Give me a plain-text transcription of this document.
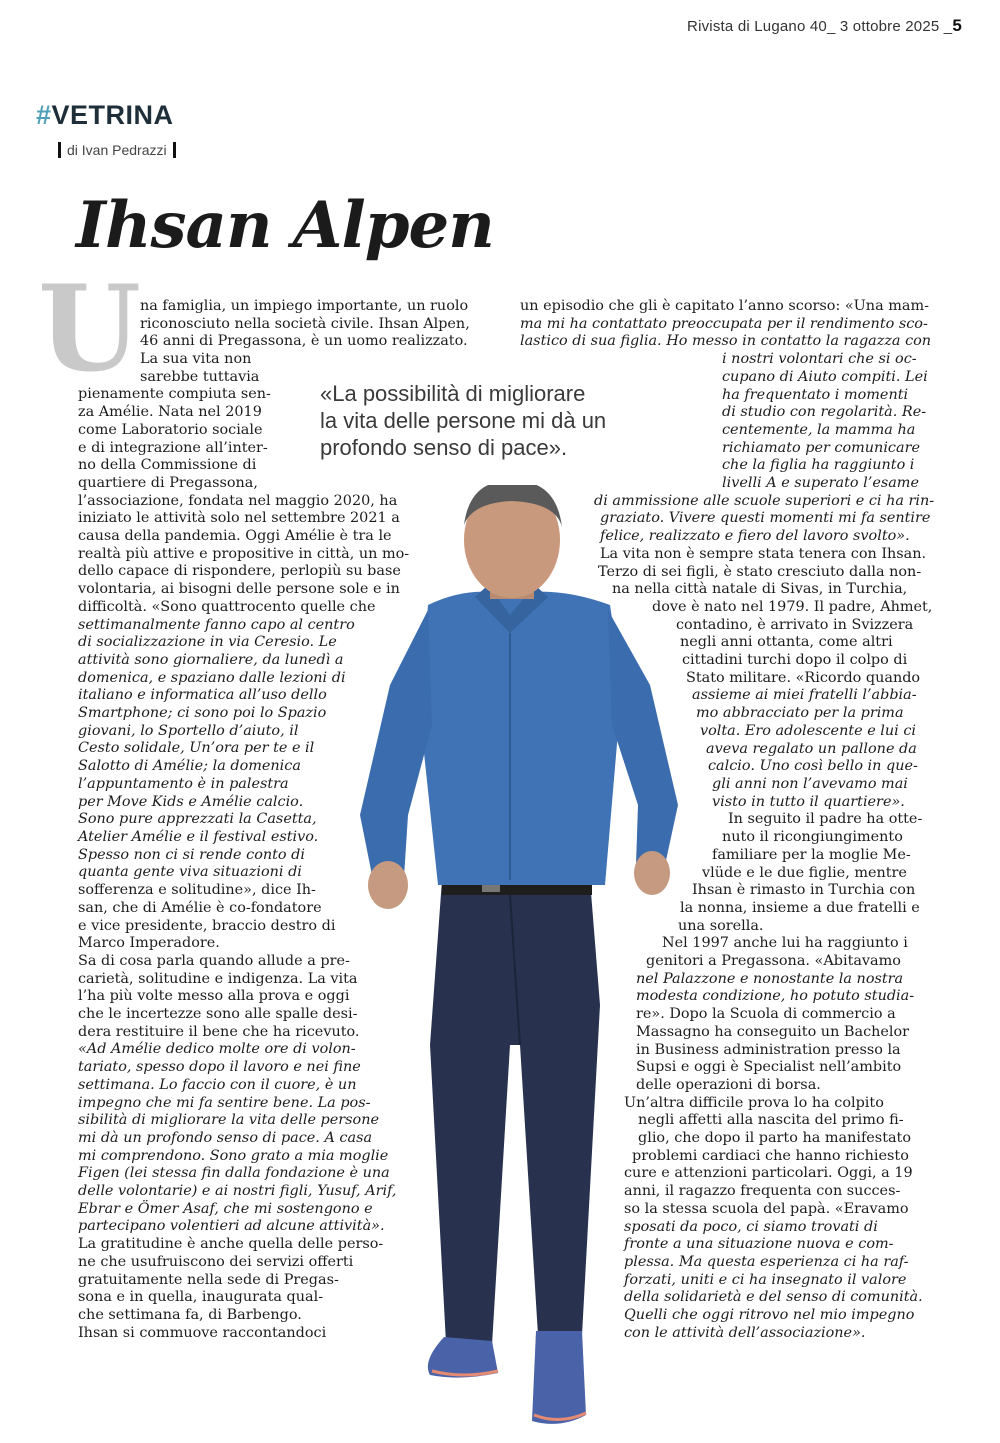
Rivista di Lugano 40_ 3 ottobre 2025 _5
#VETRINA
di Ivan Pedrazzi
Ihsan Alpen
U na famiglia, un impiego importante, un ruolo

riconosciuto nella società civile. Ihsan Alpen,

46 anni di Pregassona, è un uomo realizzato.

La sua vita non

sarebbe tuttavia

pienamente compiuta sen-

za Amélie. Nata nel 2019

come Laboratorio sociale

e di integrazione all’inter-

no della Commissione di

quartiere di Pregassona,

l’associazione, fondata nel maggio 2020, ha

iniziato le attività solo nel settembre 2021 a

causa della pandemia. Oggi Amélie è tra le

realtà più attive e propositive in città, un mo-

dello capace di rispondere, perlopiù su base

volontaria, ai bisogni delle persone sole e in

difficoltà. «Sono quattrocento quelle che

settimanalmente fanno capo al centro

di socializzazione in via Ceresio. Le

attività sono giornaliere, da lunedì a

domenica, e spaziano dalle lezioni di

italiano e informatica all’uso dello

Smartphone; ci sono poi lo Spazio

giovani, lo Sportello d’aiuto, il

Cesto solidale, Un’ora per te e il

Salotto di Amélie; la domenica

l’appuntamento è in palestra

per Move Kids e Amélie calcio.

Sono pure apprezzati la Casetta,

Atelier Amélie e il festival estivo.

Spesso non ci si rende conto di

quanta gente viva situazioni di

sofferenza e solitudine», dice Ih-

san, che di Amélie è co-fondatore

e vice presidente, braccio destro di

Marco Imperadore.

Sa di cosa parla quando allude a pre-

carietà, solitudine e indigenza. La vita

l’ha più volte messo alla prova e oggi

che le incertezze sono alle spalle desi-

dera restituire il bene che ha ricevuto.

«Ad Amélie dedico molte ore di volon-

tariato, spesso dopo il lavoro e nei fine

settimana. Lo faccio con il cuore, è un

impegno che mi fa sentire bene. La pos-

sibilità di migliorare la vita delle persone

mi dà un profondo senso di pace. A casa

mi comprendono. Sono grato a mia moglie

Figen (lei stessa fin dalla fondazione è una

delle volontarie) e ai nostri figli, Yusuf, Arif,

Ebrar e Ömer Asaf, che mi sostengono e

partecipano volentieri ad alcune attività».

La gratitudine è anche quella delle perso-

ne che usufruiscono dei servizi offerti

gratuitamente nella sede di Pregas-

sona e in quella, inaugurata qual-

che settimana fa, di Barbengo.

Ihsan si commuove raccontandoci

un episodio che gli è capitato l’anno scorso: «Una mam-

ma mi ha contattato preoccupata per il rendimento sco-

lastico di sua figlia. Ho messo in contatto la ragazza con

i nostri volontari che si oc-

cupano di Aiuto compiti. Lei

ha frequentato i momenti

di studio con regolarità. Re-

centemente, la mamma ha

richiamato per comunicare

che la figlia ha raggiunto i

livelli A e superato l’esame

di ammissione alle scuole superiori e ci ha rin-

graziato. Vivere questi momenti mi fa sentire

felice, realizzato e fiero del lavoro svolto».

La vita non è sempre stata tenera con Ihsan.

Terzo di sei figli, è stato cresciuto dalla non-

na nella città natale di Sivas, in Turchia,

dove è nato nel 1979. Il padre, Ahmet,

contadino, è arrivato in Svizzera

negli anni ottanta, come altri

cittadini turchi dopo il colpo di

Stato militare. «Ricordo quando

assieme ai miei fratelli l’abbia-

mo abbracciato per la prima

volta. Ero adolescente e lui ci

aveva regalato un pallone da

calcio. Uno così bello in que-

gli anni non l’avevamo mai

visto in tutto il quartiere».

In seguito il padre ha otte-

nuto il ricongiungimento

familiare per la moglie Me-

vlüde e le due figlie, mentre

Ihsan è rimasto in Turchia con

la nonna, insieme a due fratelli e

una sorella.

Nel 1997 anche lui ha raggiunto i

genitori a Pregassona. «Abitavamo

nel Palazzone e nonostante la nostra

modesta condizione, ho potuto studia-

re». Dopo la Scuola di commercio a

Massagno ha conseguito un Bachelor

in Business administration presso la

Supsi e oggi è Specialist nell’ambito

delle operazioni di borsa.

Un’altra difficile prova lo ha colpito

negli affetti alla nascita del primo fi-

glio, che dopo il parto ha manifestato

problemi cardiaci che hanno richiesto

cure e attenzioni particolari. Oggi, a 19

anni, il ragazzo frequenta con succes-

so la stessa scuola del papà. «Eravamo

sposati da poco, ci siamo trovati di

fronte a una situazione nuova e com-

plessa. Ma questa esperienza ci ha raf-

forzati, uniti e ci ha insegnato il valore

della solidarietà e del senso di comunità.

Quelli che oggi ritrovo nel mio impegno

con le attività dell’associazione».

«La possibilità di migliorare

la vita delle persone mi dà un

profondo senso di pace».
